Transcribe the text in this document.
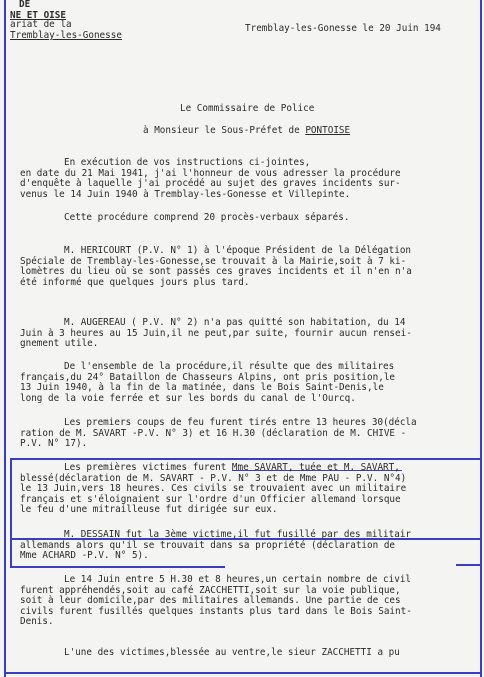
DE
NE ET OISE
ariat de la
Tremblay-les-Gonesse
Tremblay-les-Gonesse le 20 Juin 194
Le Commissaire de Police
à Monsieur le Sous-Préfet de PONTOISE
En exécution de vos instructions ci-jointes,
en date du 21 Mai 1941, j'ai l'honneur de vous adresser la procédure
d'enquête à laquelle j'ai procédé au sujet des graves incidents sur-
venus le 14 Juin 1940 à Tremblay-les-Gonesse et Villepinte.
Cette procédure comprend 20 procès-verbaux séparés.
M. HERICOURT (P.V. N° 1) à l'époque Président de la Délégation
Spéciale de Tremblay-les-Gonesse,se trouvait à la Mairie,soit à 7 ki-
lomètres du lieu où se sont passés ces graves incidents et il n'en n'a
été informé que quelques jours plus tard.
M. AUGEREAU ( P.V. N° 2) n'a pas quitté son habitation, du 14
Juin à 3 heures au 15 Juin,il ne peut,par suite, fournir aucun rensei-
gnement utile.
De l'ensemble de la procédure,il résulte que des militaires
français,du 24° Bataillon de Chasseurs Alpins, ont pris position,le
13 Juin 1940, à la fin de la matinée, dans le Bois Saint-Denis,le
long de la voie ferrée et sur les bords du canal de l'Ourcq.
Les premiers coups de feu furent tirés entre 13 heures 30(décla
ration de M. SAVART -P.V. N° 3) et 16 H.30 (déclaration de M. CHIVE -
P.V. N° 17).
Les premières victimes furent Mme SAVART, tuée et M. SAVART,
blessé(déclaration de M. SAVART - P.V. N° 3 et de Mme PAU - P.V. N°4)
le 13 Juin,vers 18 heures. Ces civils se trouvaient avec un militaire
français et s'éloignaient sur l'ordre d'un Officier allemand lorsque
le feu d'une mitrailleuse fut dirigée sur eux.
M. DESSAIN fut la 3ème victime,il fut fusillé par des militair
allemands alors qu'il se trouvait dans sa propriété (déclaration de
Mme ACHARD -P.V. N° 5).
Le 14 Juin entre 5 H.30 et 8 heures,un certain nombre de civil
furent appréhendés,soit au café ZACCHETTI,soit sur la voie publique,
soit à leur domicile,par des militaires allemands. Une partie de ces
civils furent fusillés quelques instants plus tard dans le Bois Saint-
Denis.
L'une des victimes,blessée au ventre,le sieur ZACCHETTI a pu
